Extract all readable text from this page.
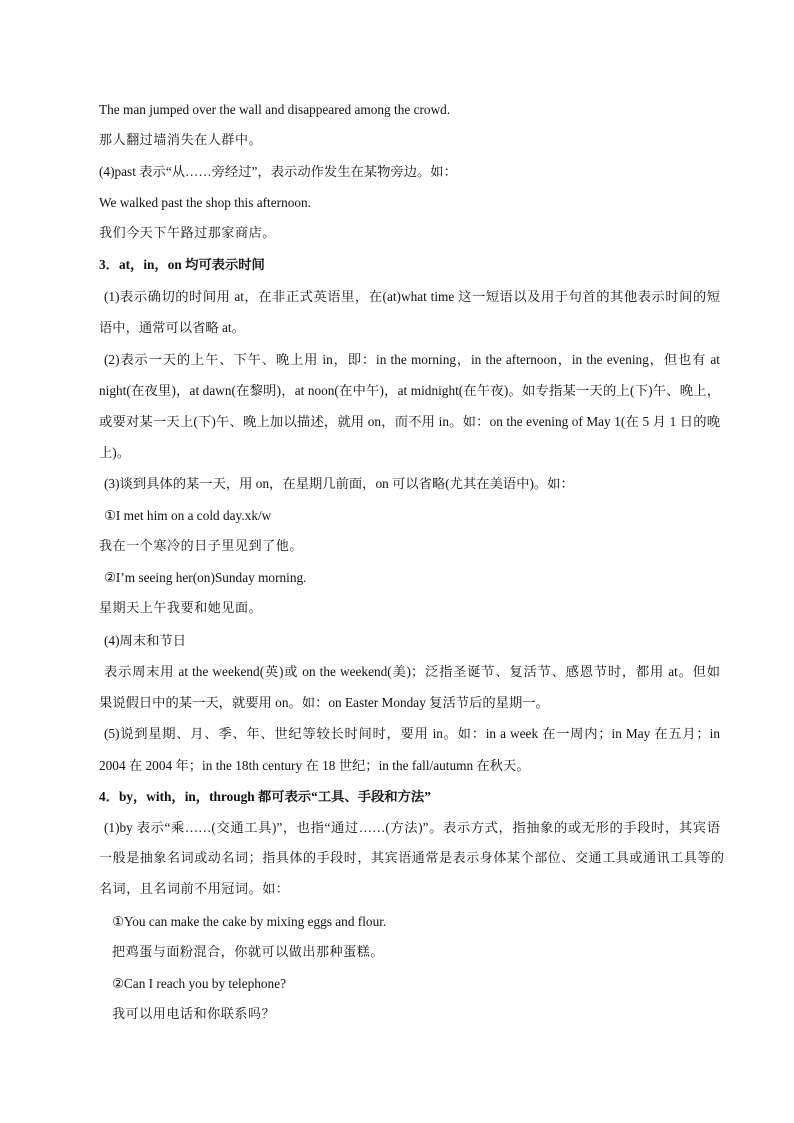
The man jumped over the wall and disappeared among the crowd.
那人翻过墙消失在人群中。
(4)past 表示“从……旁经过”，表示动作发生在某物旁边。如：
We walked past the shop this afternoon.
我们今天下午路过那家商店。
3．at，in，on 均可表示时间
(1)表示确切的时间用 at，在非正式英语里，在(at)what time 这一短语以及用于句首的其他表示时间的短
语中，通常可以省略 at。
(2)表示一天的上午、下午、晚上用 in，即：in the morning，in the afternoon，in the evening，但也有 at
night(在夜里)，at dawn(在黎明)，at noon(在中午)，at midnight(在午夜)。如专指某一天的上(下)午、晚上，
或要对某一天上(下)午、晚上加以描述，就用 on，而不用 in。如：on the evening of May 1(在 5 月 1 日的晚
上)。
(3)谈到具体的某一天，用 on，在星期几前面，on 可以省略(尤其在美语中)。如：
①I met him on a cold day.xk/w
我在一个寒冷的日子里见到了他。
②I’m seeing her(on)Sunday morning.
星期天上午我要和她见面。
(4)周末和节日
表示周末用 at the weekend(英)或 on the weekend(美)；泛指圣诞节、复活节、感恩节时，都用 at。但如
果说假日中的某一天，就要用 on。如：on Easter Monday 复活节后的星期一。
(5)说到星期、月、季、年、世纪等较长时间时，要用 in。如：in a week 在一周内；in May 在五月；in
2004 在 2004 年；in the 18th century 在 18 世纪；in the fall/autumn 在秋天。
4．by，with，in，through 都可表示“工具、手段和方法”
(1)by 表示“乘……(交通工具)”，也指“通过……(方法)”。表示方式，指抽象的或无形的手段时，其宾语
一般是抽象名词或动名词；指具体的手段时，其宾语通常是表示身体某个部位、交通工具或通讯工具等的
名词，且名词前不用冠词。如：
①You can make the cake by mixing eggs and flour.
把鸡蛋与面粉混合，你就可以做出那种蛋糕。
②Can I reach you by telephone?
我可以用电话和你联系吗？
